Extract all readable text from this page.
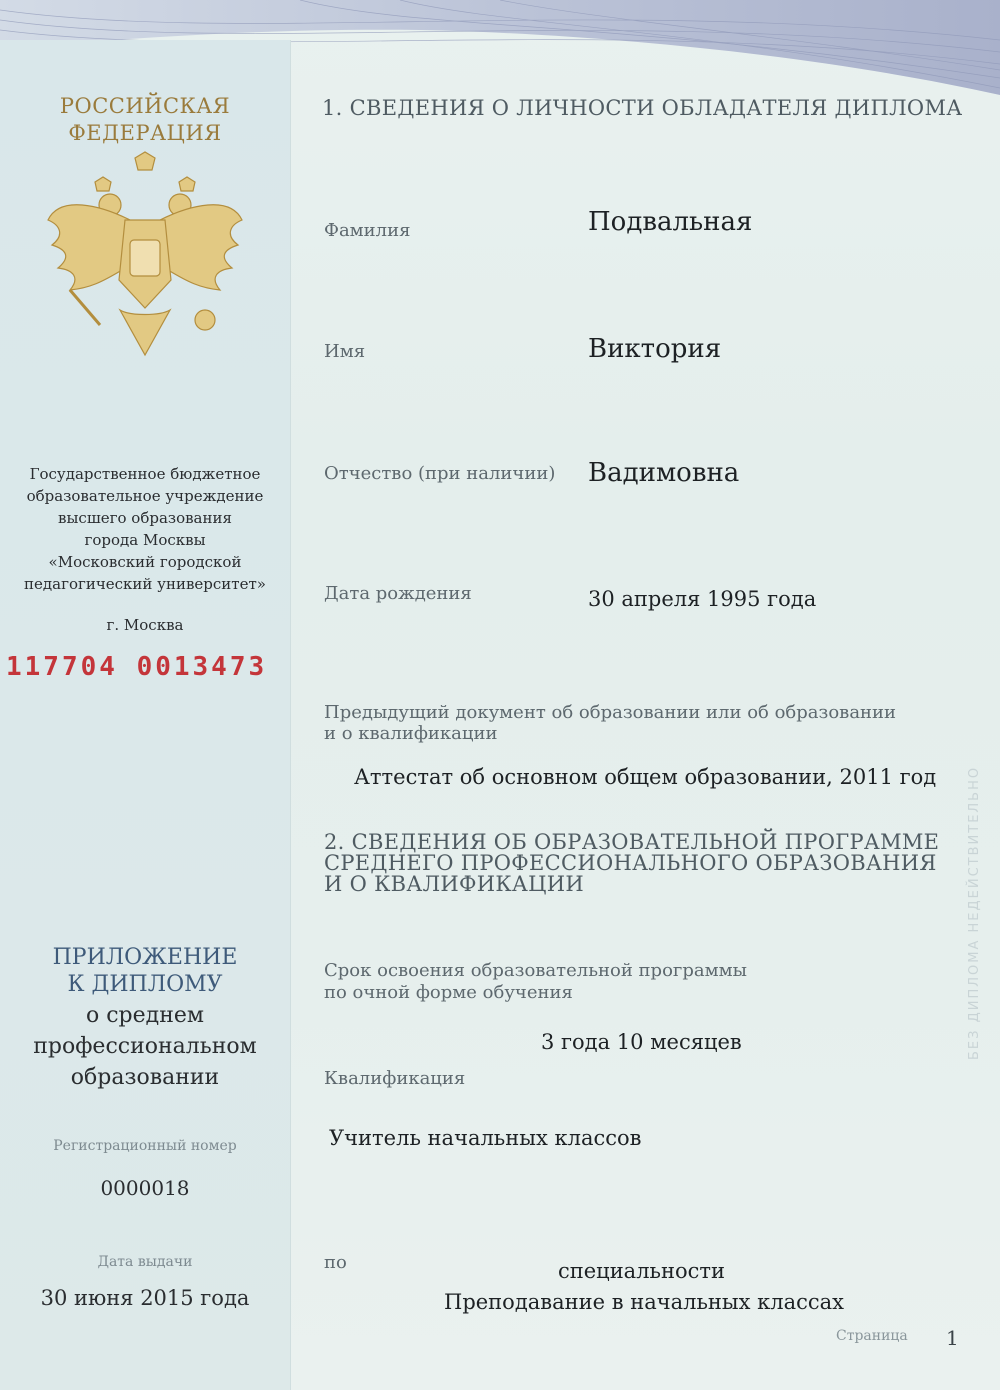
РОССИЙСКАЯ ФЕДЕРАЦИЯ
Государственное бюджетное
образовательное учреждение
высшего образования
города Москвы
«Московский городской
педагогический университет»
г. Москва
117704 0013473
ПРИЛОЖЕНИЕ
К ДИПЛОМУ
о среднем
профессиональном
образовании
Регистрационный номер
0000018
Дата выдачи
30 июня 2015 года
1. СВЕДЕНИЯ О ЛИЧНОСТИ ОБЛАДАТЕЛЯ ДИПЛОМА
Фамилия	Подвальная
Имя	Виктория
Отчество (при наличии) Вадимовна
Дата рождения	30 апреля 1995 года
Предыдущий документ об образовании или об образовании
и о квалификации
Аттестат об основном общем образовании, 2011 год
2. СВЕДЕНИЯ ОБ ОБРАЗОВАТЕЛЬНОЙ ПРОГРАММЕ
СРЕДНЕГО ПРОФЕССИОНАЛЬНОГО ОБРАЗОВАНИЯ
И О КВАЛИФИКАЦИИ
Срок освоения образовательной программы
по очной форме обучения
3 года 10 месяцев
Квалификация
Учитель начальных классов
по	специальности
Преподавание в начальных классах
Страница 1
БЕЗ ДИПЛОМА НЕДЕЙСТВИТЕЛЬНО
